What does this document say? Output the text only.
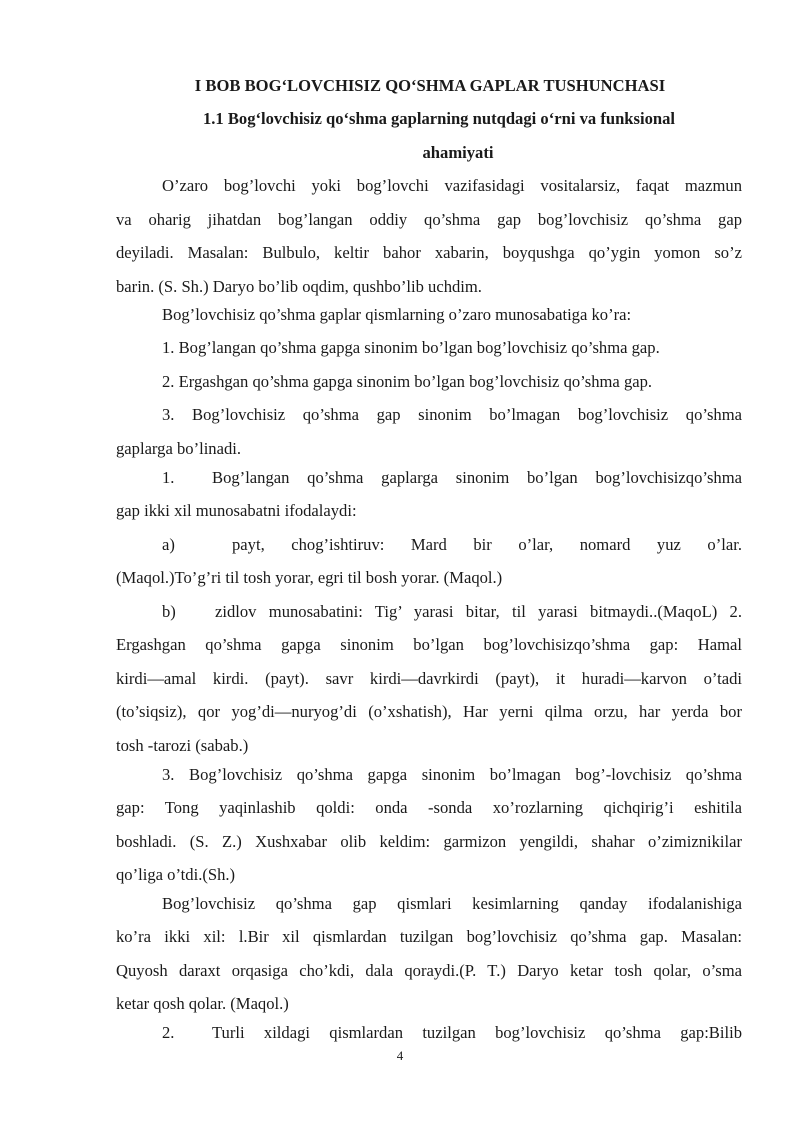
I BOB BOG‘LOVCHISIZ QO‘SHMA GAPLAR TUSHUNCHASI
1.1 Bog‘lovchisiz qo‘shma gaplarning nutqdagi o‘rni va funksional
ahamiyati
O’zaro bog’lovchi yoki bog’lovchi vazifasidagi vositalarsiz, faqat mazmun
va oharig jihatdan bog’langan oddiy qo’shma gap bog’lovchisiz qo’shma gap
deyiladi. Masalan: Bulbulo, keltir bahor xabarin, boyqushga qo’ygin yomon so’z
barin. (S. Sh.) Daryo bo’lib oqdim, qushbo’lib uchdim.
Bog’lovchisiz qo’shma gaplar qismlarning o’zaro munosabatiga ko’ra:
1. Bog’langan qo’shma gapga sinonim bo’lgan bog’lovchisiz qo’shma gap.
2. Ergashgan qo’shma gapga sinonim bo’lgan bog’lovchisiz qo’shma gap.
3. Bog’lovchisiz qo’shma gap sinonim bo’lmagan bog’lovchisiz qo’shma
gaplarga bo’linadi.
1.	Bog’langan qo’shma gaplarga sinonim bo’lgan bog’lovchisizqo’shma
gap ikki xil munosabatni ifodalaydi:
a)	payt, chog’ishtiruv: Mard bir o’lar, nomard yuz o’lar.
(Maqol.)To’g’ri til tosh yorar, egri til bosh yorar. (Maqol.)
b)	zidlov munosabatini: Tig’ yarasi bitar, til yarasi bitmaydi..(MaqoL) 2.
Ergashgan qo’shma gapga sinonim bo’lgan bog’lovchisizqo’shma gap: Hamal
kirdi—amal kirdi. (payt). savr kirdi—davrkirdi (payt), it huradi—karvon o’tadi
(to’siqsiz), qor yog’di—nuryog’di (o’xshatish), Har yerni qilma orzu, har yerda bor
tosh -tarozi (sabab.)
3. Bog’lovchisiz qo’shma gapga sinonim bo’lmagan bog’-lovchisiz qo’shma
gap: Tong yaqinlashib qoldi: onda -sonda xo’rozlarning qichqirig’i eshitila
boshladi. (S. Z.) Xushxabar olib keldim: garmizon yengildi, shahar o’zimiznikilar
qo’liga o’tdi.(Sh.)
Bog’lovchisiz qo’shma gap qismlari kesimlarning qanday ifodalanishiga
ko’ra ikki xil: l.Bir xil qismlardan tuzilgan bog’lovchisiz qo’shma gap. Masalan:
Quyosh daraxt orqasiga cho’kdi, dala qoraydi.(P. T.) Daryo ketar tosh qolar, o’sma
ketar qosh qolar. (Maqol.)
2.	Turli xildagi qismlardan tuzilgan bog’lovchisiz qo’shma gap:Bilib
4
